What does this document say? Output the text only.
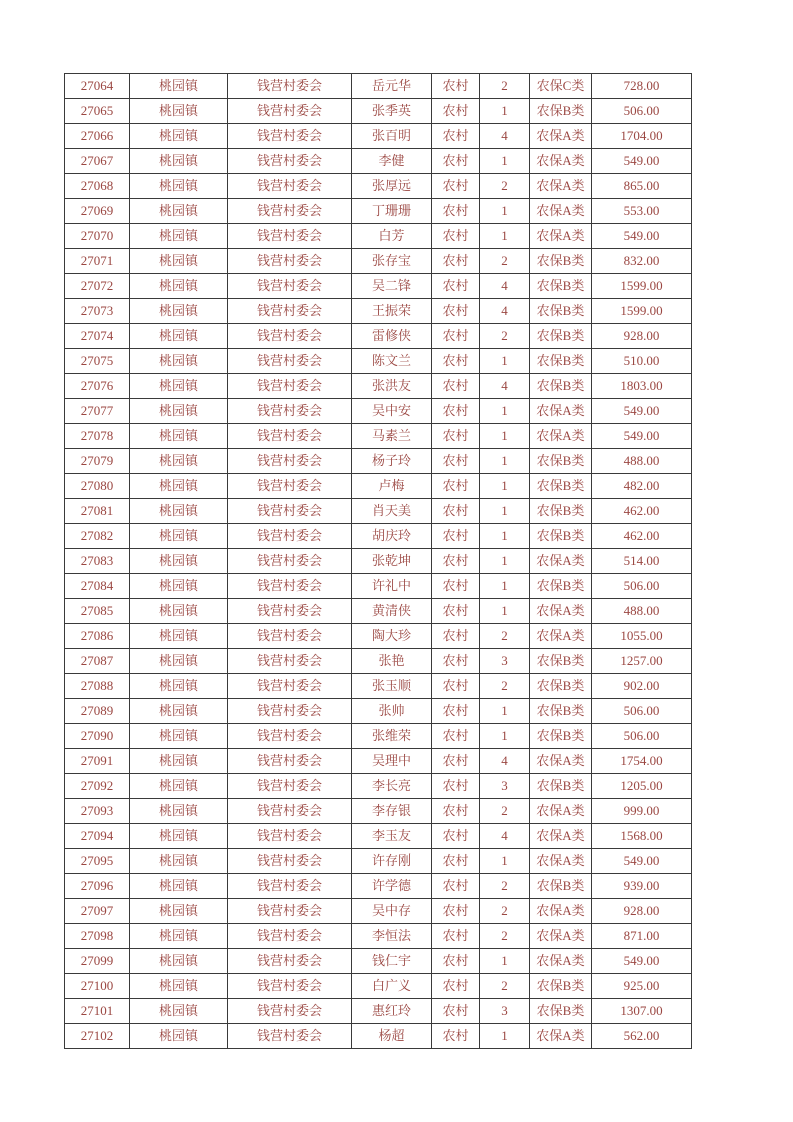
27064	桃园镇	钱营村委会	岳元华	农村	2	农保C类	728.00
27065	桃园镇	钱营村委会	张季英	农村	1	农保B类	506.00
27066	桃园镇	钱营村委会	张百明	农村	4	农保A类	1704.00
27067	桃园镇	钱营村委会	李健	农村	1	农保A类	549.00
27068	桃园镇	钱营村委会	张厚远	农村	2	农保A类	865.00
27069	桃园镇	钱营村委会	丁珊珊	农村	1	农保A类	553.00
27070	桃园镇	钱营村委会	白芳	农村	1	农保A类	549.00
27071	桃园镇	钱营村委会	张存宝	农村	2	农保B类	832.00
27072	桃园镇	钱营村委会	吴二锋	农村	4	农保B类	1599.00
27073	桃园镇	钱营村委会	王振荣	农村	4	农保B类	1599.00
27074	桃园镇	钱营村委会	雷修侠	农村	2	农保B类	928.00
27075	桃园镇	钱营村委会	陈文兰	农村	1	农保B类	510.00
27076	桃园镇	钱营村委会	张洪友	农村	4	农保B类	1803.00
27077	桃园镇	钱营村委会	吴中安	农村	1	农保A类	549.00
27078	桃园镇	钱营村委会	马素兰	农村	1	农保A类	549.00
27079	桃园镇	钱营村委会	杨子玲	农村	1	农保B类	488.00
27080	桃园镇	钱营村委会	卢梅	农村	1	农保B类	482.00
27081	桃园镇	钱营村委会	肖天美	农村	1	农保B类	462.00
27082	桃园镇	钱营村委会	胡庆玲	农村	1	农保B类	462.00
27083	桃园镇	钱营村委会	张乾坤	农村	1	农保A类	514.00
27084	桃园镇	钱营村委会	许礼中	农村	1	农保B类	506.00
27085	桃园镇	钱营村委会	黄清侠	农村	1	农保A类	488.00
27086	桃园镇	钱营村委会	陶大珍	农村	2	农保A类	1055.00
27087	桃园镇	钱营村委会	张艳	农村	3	农保B类	1257.00
27088	桃园镇	钱营村委会	张玉顺	农村	2	农保B类	902.00
27089	桃园镇	钱营村委会	张帅	农村	1	农保B类	506.00
27090	桃园镇	钱营村委会	张维荣	农村	1	农保B类	506.00
27091	桃园镇	钱营村委会	吴理中	农村	4	农保A类	1754.00
27092	桃园镇	钱营村委会	李长亮	农村	3	农保B类	1205.00
27093	桃园镇	钱营村委会	李存银	农村	2	农保A类	999.00
27094	桃园镇	钱营村委会	李玉友	农村	4	农保A类	1568.00
27095	桃园镇	钱营村委会	许存刚	农村	1	农保A类	549.00
27096	桃园镇	钱营村委会	许学德	农村	2	农保B类	939.00
27097	桃园镇	钱营村委会	吴中存	农村	2	农保A类	928.00
27098	桃园镇	钱营村委会	李恒法	农村	2	农保A类	871.00
27099	桃园镇	钱营村委会	钱仁宇	农村	1	农保A类	549.00
27100	桃园镇	钱营村委会	白广义	农村	2	农保B类	925.00
27101	桃园镇	钱营村委会	惠红玲	农村	3	农保B类	1307.00
27102	桃园镇	钱营村委会	杨超	农村	1	农保A类	562.00
